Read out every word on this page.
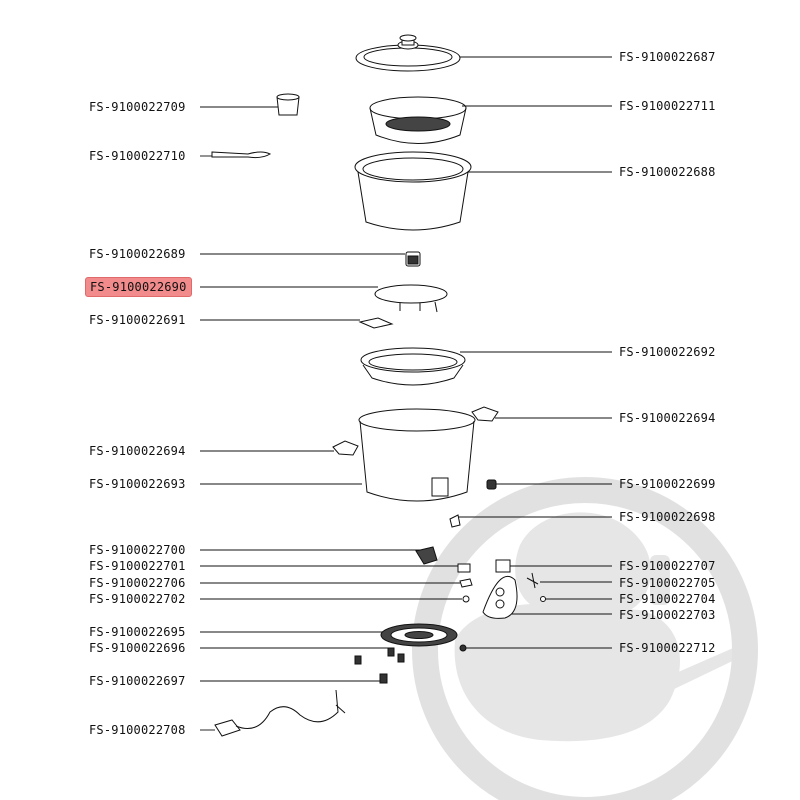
FS-9100022709
FS-9100022710
FS-9100022689
FS-9100022690
FS-9100022691
FS-9100022694
FS-9100022693
FS-9100022700
FS-9100022701
FS-9100022706
FS-9100022702
FS-9100022695
FS-9100022696
FS-9100022697
FS-9100022708
FS-9100022687
FS-9100022711
FS-9100022688
FS-9100022692
FS-9100022694
FS-9100022699
FS-9100022698
FS-9100022707
FS-9100022705
FS-9100022704
FS-9100022703
FS-9100022712
